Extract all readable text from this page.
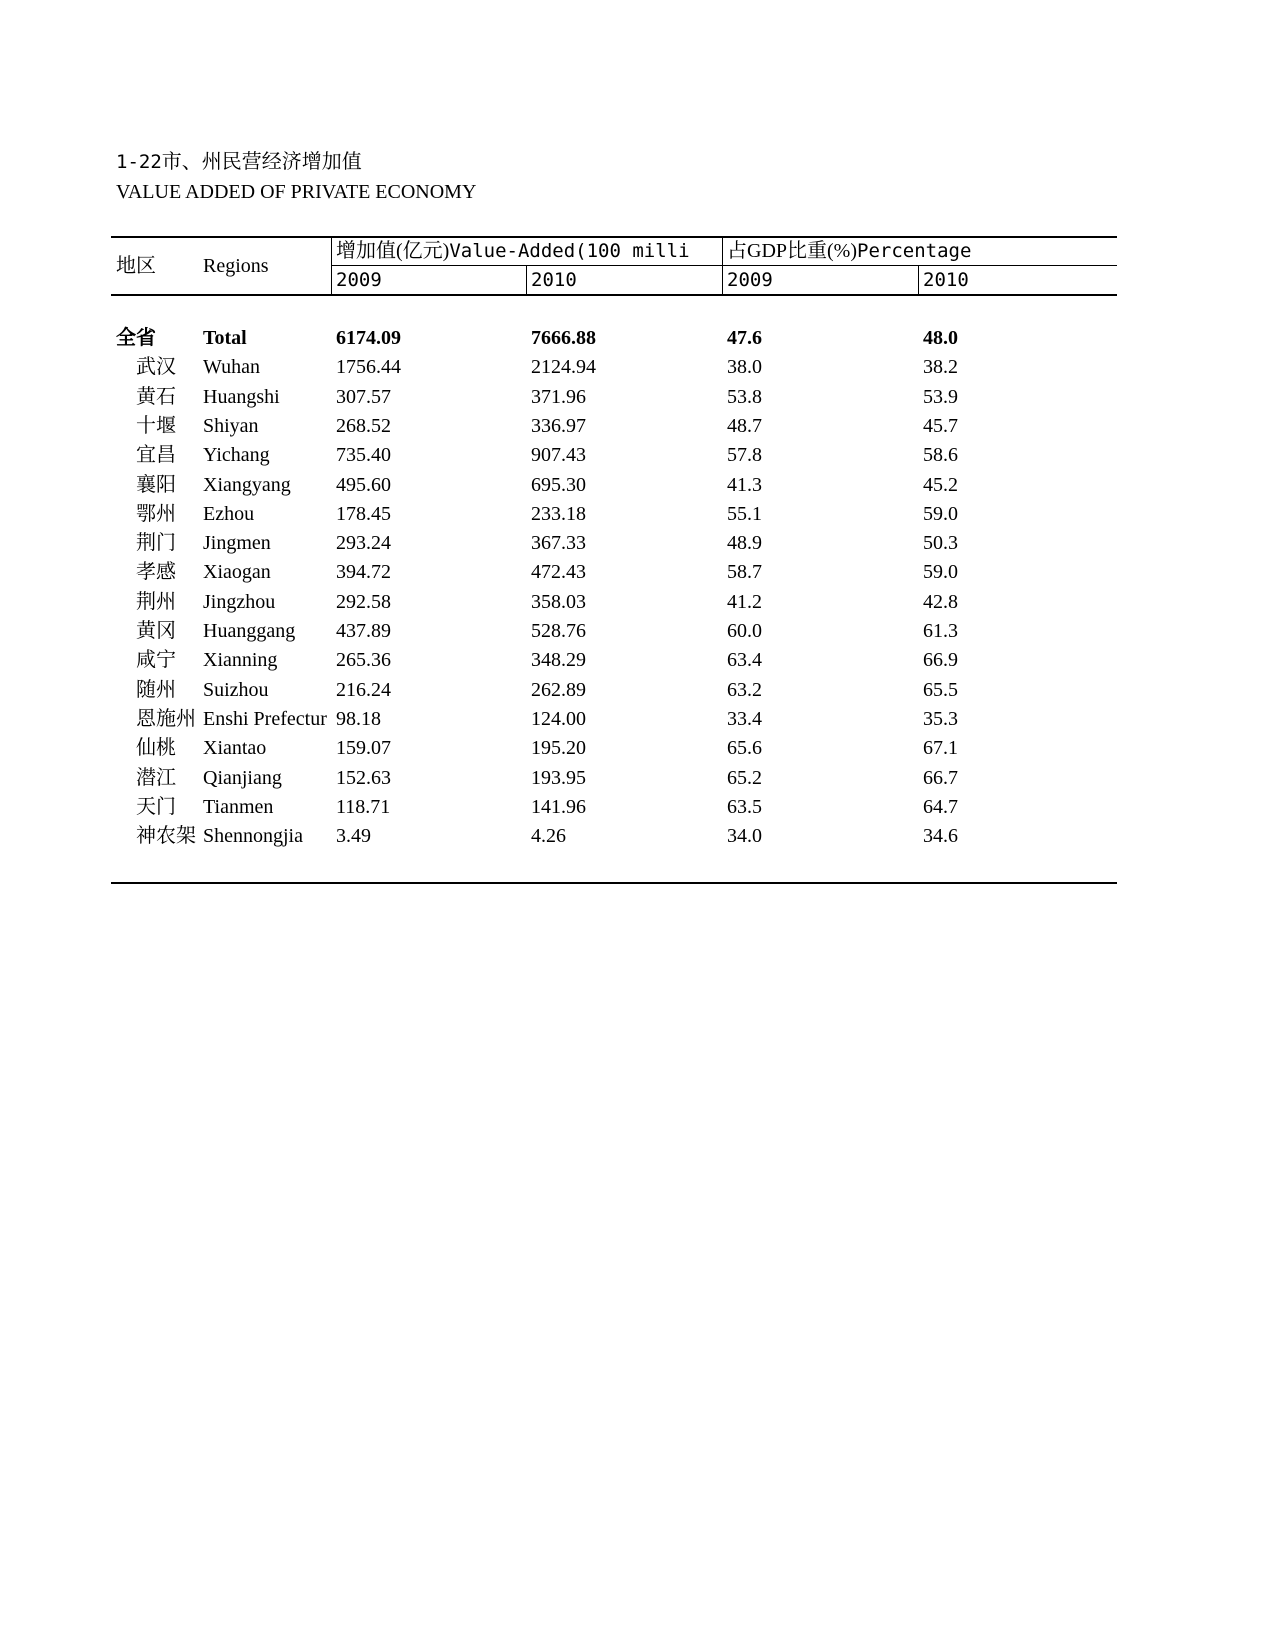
1-22市、州民营经济增加值
VALUE ADDED OF PRIVATE ECONOMY
地区 Regions
增加值(亿元)Value-Added(100 milli	占GDP比重(%)Percentage
2009	2010	2009	2010
全省 Total	6174.09	7666.88	47.6	48.0
武汉 Wuhan	1756.44	2124.94	38.0	38.2
黄石 Huangshi	307.57	371.96	53.8	53.9
十堰 Shiyan	268.52	336.97	48.7	45.7
宜昌 Yichang	735.40	907.43	57.8	58.6
襄阳 Xiangyang	495.60	695.30	41.3	45.2
鄂州 Ezhou	178.45	233.18	55.1	59.0
荆门 Jingmen	293.24	367.33	48.9	50.3
孝感 Xiaogan	394.72	472.43	58.7	59.0
荆州 Jingzhou	292.58	358.03	41.2	42.8
黄冈 Huanggang	437.89	528.76	60.0	61.3
咸宁 Xianning	265.36	348.29	63.4	66.9
随州 Suizhou	216.24	262.89	63.2	65.5
恩施州 Enshi Prefectur 98.18	124.00	33.4	35.3
仙桃 Xiantao	159.07	195.20	65.6	67.1
潜江 Qianjiang	152.63	193.95	65.2	66.7
天门 Tianmen	118.71	141.96	63.5	64.7
神农架 Shennongjia	3.49	4.26	34.0	34.6
